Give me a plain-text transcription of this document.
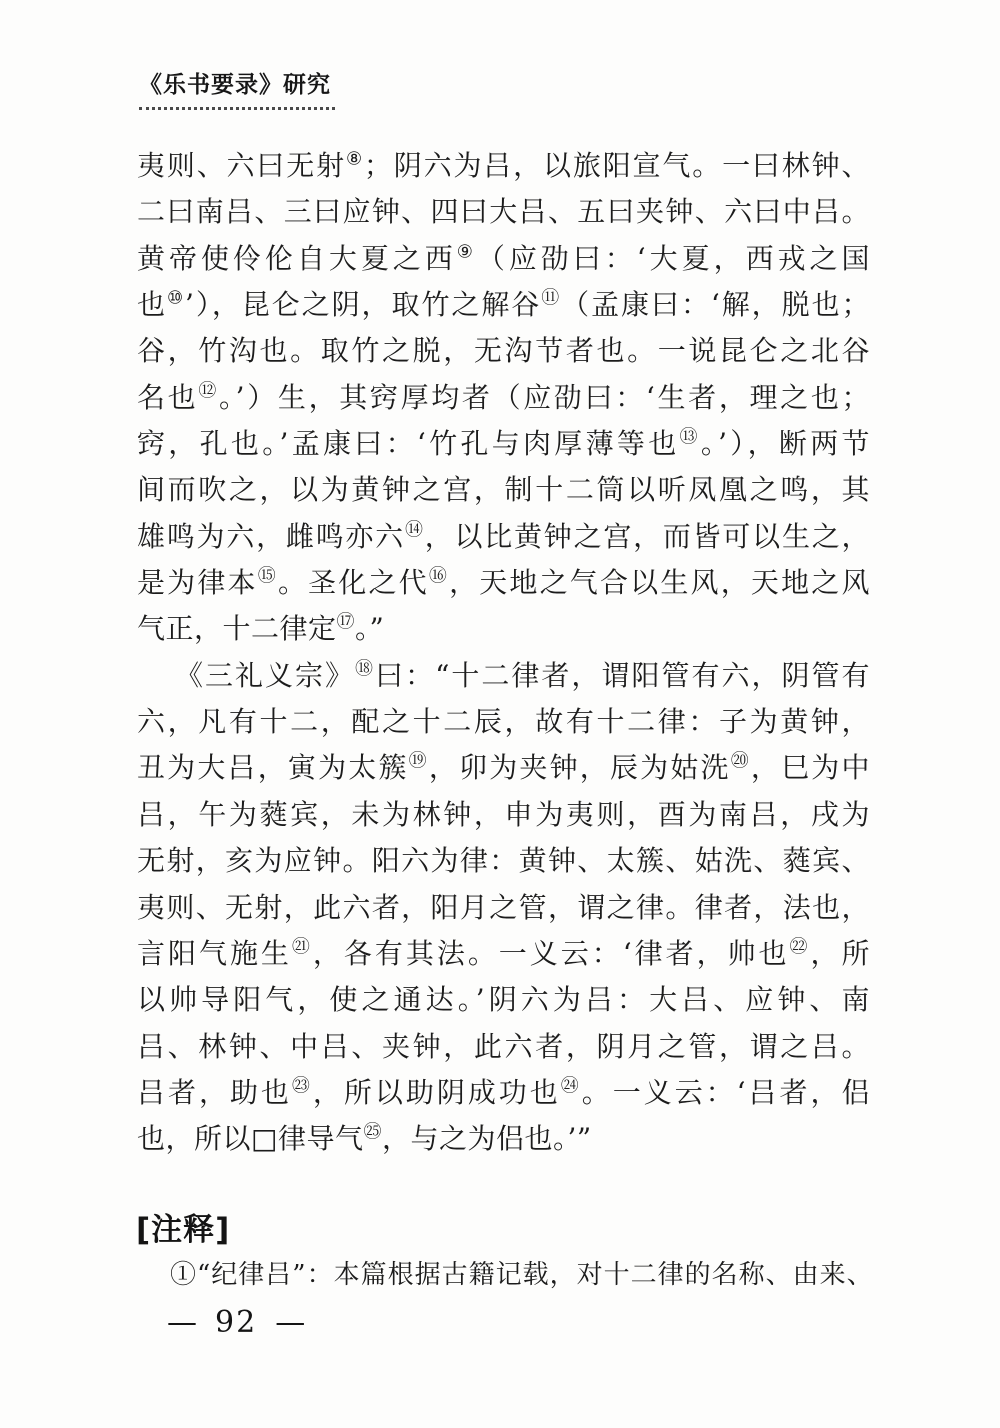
《乐书要录》研究
夷则、六曰无射⑧；阴六为吕，以旅阳宣气。一曰林钟、
二曰南吕、三曰应钟、四曰大吕、五曰夹钟、六曰中吕。
黄帝使伶伦自大夏之西⑨（应劭曰：‘大夏，西戎之国
也⑩’），昆仑之阴，取竹之解谷⑪（孟康曰：‘解，脱也；
谷，竹沟也。取竹之脱，无沟节者也。一说昆仑之北谷
名也⑫。’）生，其窍厚均者（应劭曰：‘生者，理之也；
窍，孔也。’孟康曰：‘竹孔与肉厚薄等也⑬。’），断两节
间而吹之，以为黄钟之宫，制十二筒以听凤凰之鸣，其
雄鸣为六，雌鸣亦六⑭，以比黄钟之宫，而皆可以生之，
是为律本⑮。圣化之代⑯，天地之气合以生风，天地之风
气正，十二律定⑰。”
《三礼义宗》⑱曰：“十二律者，谓阳管有六，阴管有
六，凡有十二，配之十二辰，故有十二律：子为黄钟，
丑为大吕，寅为太簇⑲，卯为夹钟，辰为姑洗⑳，巳为中
吕，午为蕤宾，未为林钟，申为夷则，酉为南吕，戌为
无射，亥为应钟。阳六为律：黄钟、太簇、姑洗、蕤宾、
夷则、无射，此六者，阳月之管，谓之律。律者，法也，
言阳气施生$^㉑$，各有其法。一义云：‘律者，帅也$^㉒$，所
以帅导阳气，使之通达。’阴六为吕：大吕、应钟、南
吕、林钟、中吕、夹钟，此六者，阴月之管，谓之吕。
吕者，助也$^㉓$，所以助阴成功也$^㉔$。一义云：‘吕者，侣
也，所以□律导气$^㉕$，与之为侣也。’”
[注释]
①“纪律吕”：本篇根据古籍记载，对十二律的名称、由来、
— 92 —
